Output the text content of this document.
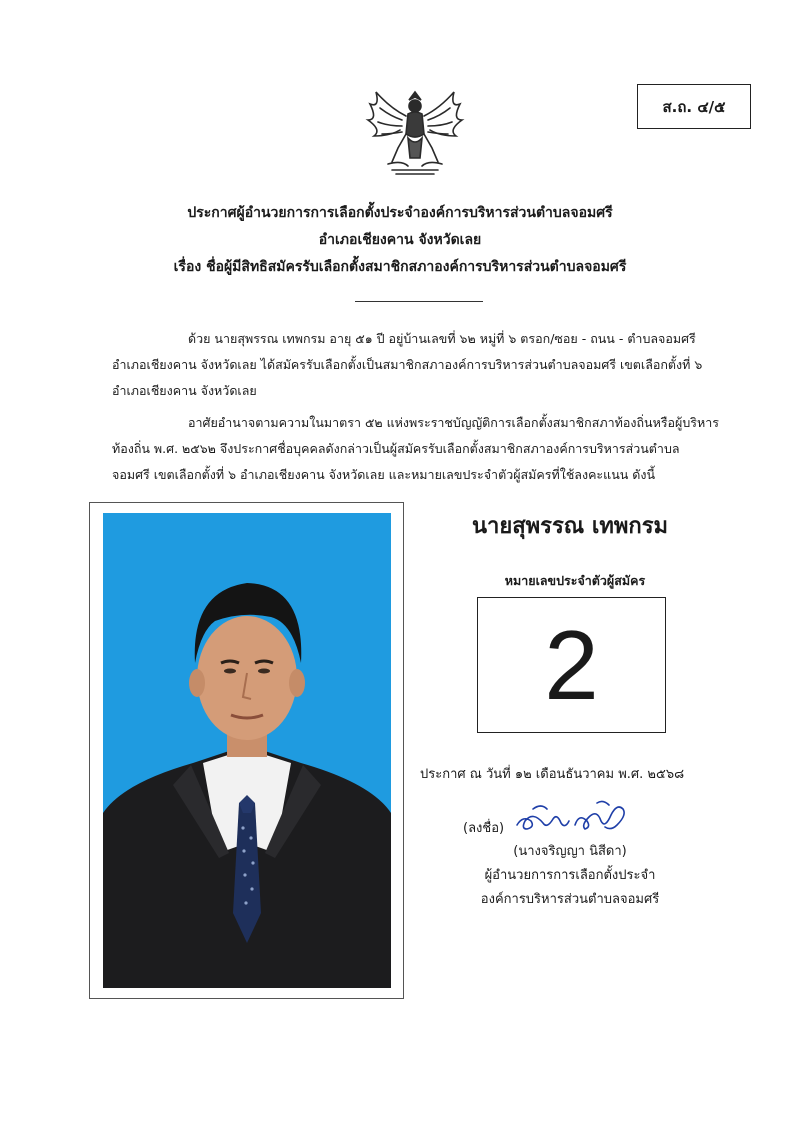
ส.ถ. ๔/๕
ประกาศผู้อำนวยการการเลือกตั้งประจำองค์การบริหารส่วนตำบลจอมศรี
อำเภอเชียงคาน จังหวัดเลย
เรื่อง ชื่อผู้มีสิทธิสมัครรับเลือกตั้งสมาชิกสภาองค์การบริหารส่วนตำบลจอมศรี
ด้วย นายสุพรรณ เทพกรม อายุ ๕๑ ปี อยู่บ้านเลขที่ ๖๒ หมู่ที่ ๖ ตรอก/ซอย - ถนน - ตำบลจอมศรี
อำเภอเชียงคาน จังหวัดเลย ได้สมัครรับเลือกตั้งเป็นสมาชิกสภาองค์การบริหารส่วนตำบลจอมศรี เขตเลือกตั้งที่ ๖
อำเภอเชียงคาน จังหวัดเลย
อาศัยอำนาจตามความในมาตรา ๕๒ แห่งพระราชบัญญัติการเลือกตั้งสมาชิกสภาท้องถิ่นหรือผู้บริหาร
ท้องถิ่น พ.ศ. ๒๕๖๒ จึงประกาศชื่อบุคคลดังกล่าวเป็นผู้สมัครรับเลือกตั้งสมาชิกสภาองค์การบริหารส่วนตำบล
จอมศรี เขตเลือกตั้งที่ ๖ อำเภอเชียงคาน จังหวัดเลย และหมายเลขประจำตัวผู้สมัครที่ใช้ลงคะแนน ดังนี้
นายสุพรรณ เทพกรม
หมายเลขประจำตัวผู้สมัคร
2
ประกาศ ณ วันที่ ๑๒ เดือนธันวาคม พ.ศ. ๒๕๖๘
(ลงชื่อ)
(นางจริญญา นิสีดา)
ผู้อำนวยการการเลือกตั้งประจำ
องค์การบริหารส่วนตำบลจอมศรี
